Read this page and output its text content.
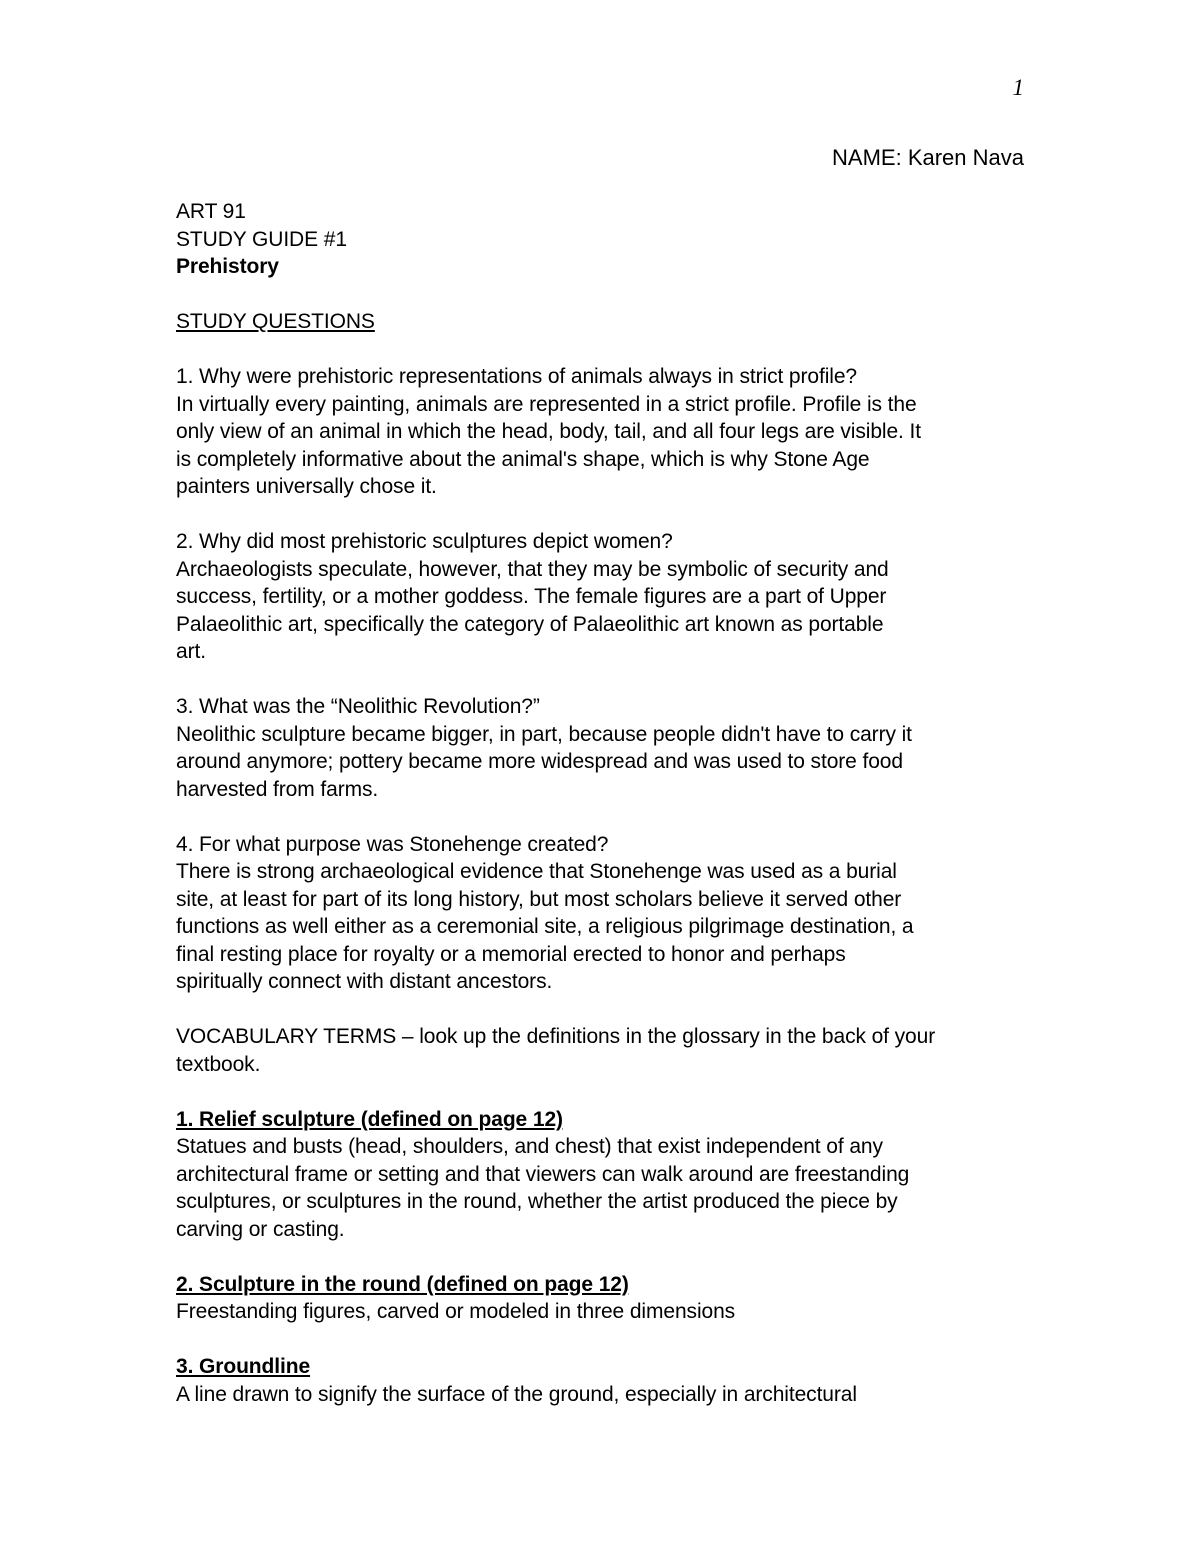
1
NAME: Karen Nava
ART 91
STUDY GUIDE #1
Prehistory
STUDY QUESTIONS
1. Why were prehistoric representations of animals always in strict profile?
In virtually every painting, animals are represented in a strict profile. Profile is the
only view of an animal in which the head, body, tail, and all four legs are visible. It
is completely informative about the animal's shape, which is why Stone Age
painters universally chose it.
2. Why did most prehistoric sculptures depict women?
Archaeologists speculate, however, that they may be symbolic of security and
success, fertility, or a mother goddess. The female figures are a part of Upper
Palaeolithic art, specifically the category of Palaeolithic art known as portable
art.
3. What was the “Neolithic Revolution?”
Neolithic sculpture became bigger, in part, because people didn't have to carry it
around anymore; pottery became more widespread and was used to store food
harvested from farms.
4. For what purpose was Stonehenge created?
There is strong archaeological evidence that Stonehenge was used as a burial
site, at least for part of its long history, but most scholars believe it served other
functions as well either as a ceremonial site, a religious pilgrimage destination, a
final resting place for royalty or a memorial erected to honor and perhaps
spiritually connect with distant ancestors.
VOCABULARY TERMS – look up the definitions in the glossary in the back of your
textbook.
1. Relief sculpture (defined on page 12)
Statues and busts (head, shoulders, and chest) that exist independent of any
architectural frame or setting and that viewers can walk around are freestanding
sculptures, or sculptures in the round, whether the artist produced the piece by
carving or casting.
2. Sculpture in the round (defined on page 12)
Freestanding figures, carved or modeled in three dimensions
3. Groundline
A line drawn to signify the surface of the ground, especially in architectural
